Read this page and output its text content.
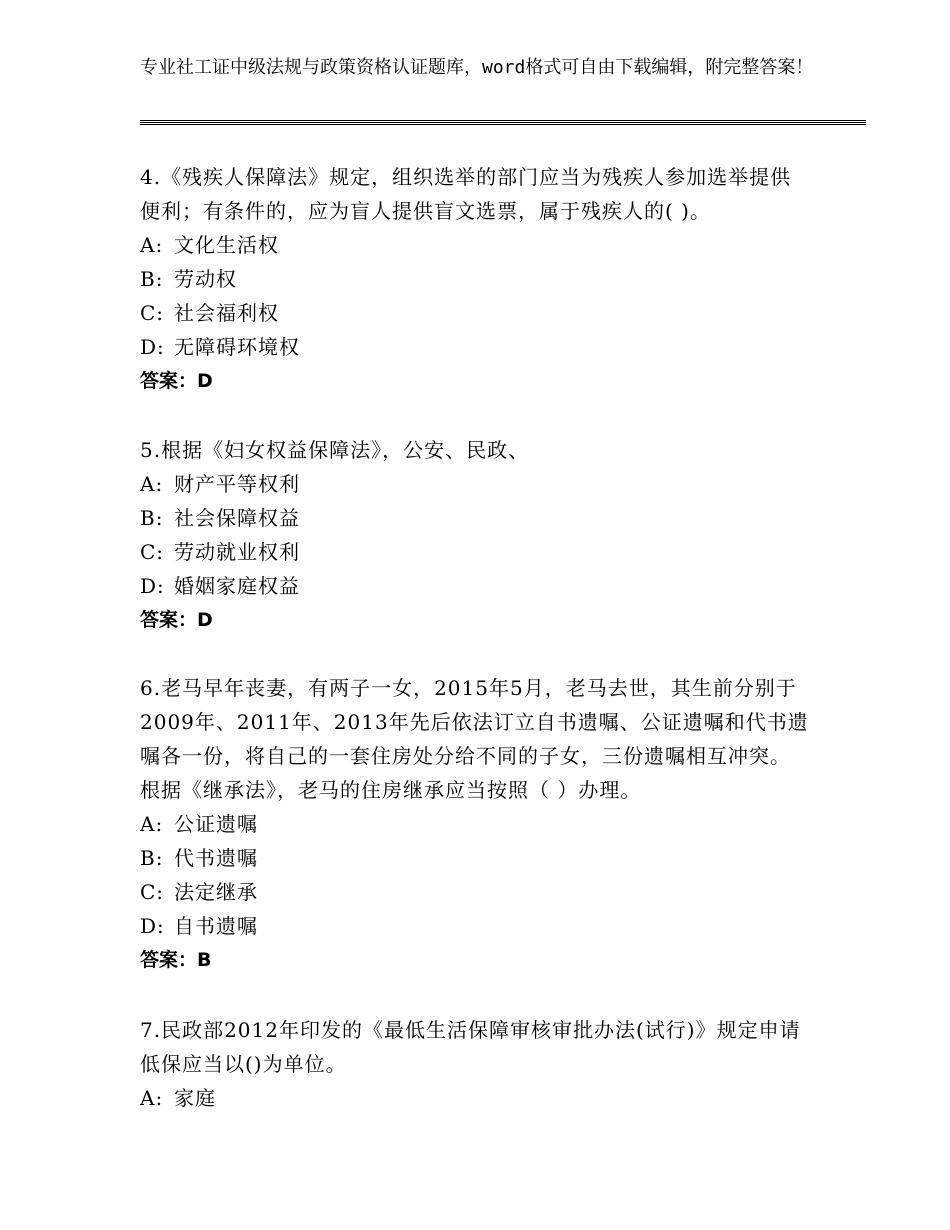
专业社工证中级法规与政策资格认证题库，word格式可自由下载编辑，附完整答案！

4.《残疾人保障法》规定，组织选举的部门应当为残疾人参加选举提供便利；有条件的，应为盲人提供盲文选票，属于残疾人的( )。

A: 文化生活权

B: 劳动权

C: 社会福利权

D: 无障碍环境权

答案：D

5.根据《妇女权益保障法》，公安、民政、

A: 财产平等权利

B: 社会保障权益

C: 劳动就业权利

D: 婚姻家庭权益

答案：D

6.老马早年丧妻，有两子一女，2015年5月，老马去世，其生前分别于2009年、2011年、2013年先后依法订立自书遗嘱、公证遗嘱和代书遗嘱各一份，将自己的一套住房处分给不同的子女，三份遗嘱相互冲突。根据《继承法》，老马的住房继承应当按照（ ）办理。

A: 公证遗嘱

B: 代书遗嘱

C: 法定继承

D: 自书遗嘱

答案：B

7.民政部2012年印发的《最低生活保障审核审批办法(试行)》规定申请低保应当以()为单位。

A: 家庭
